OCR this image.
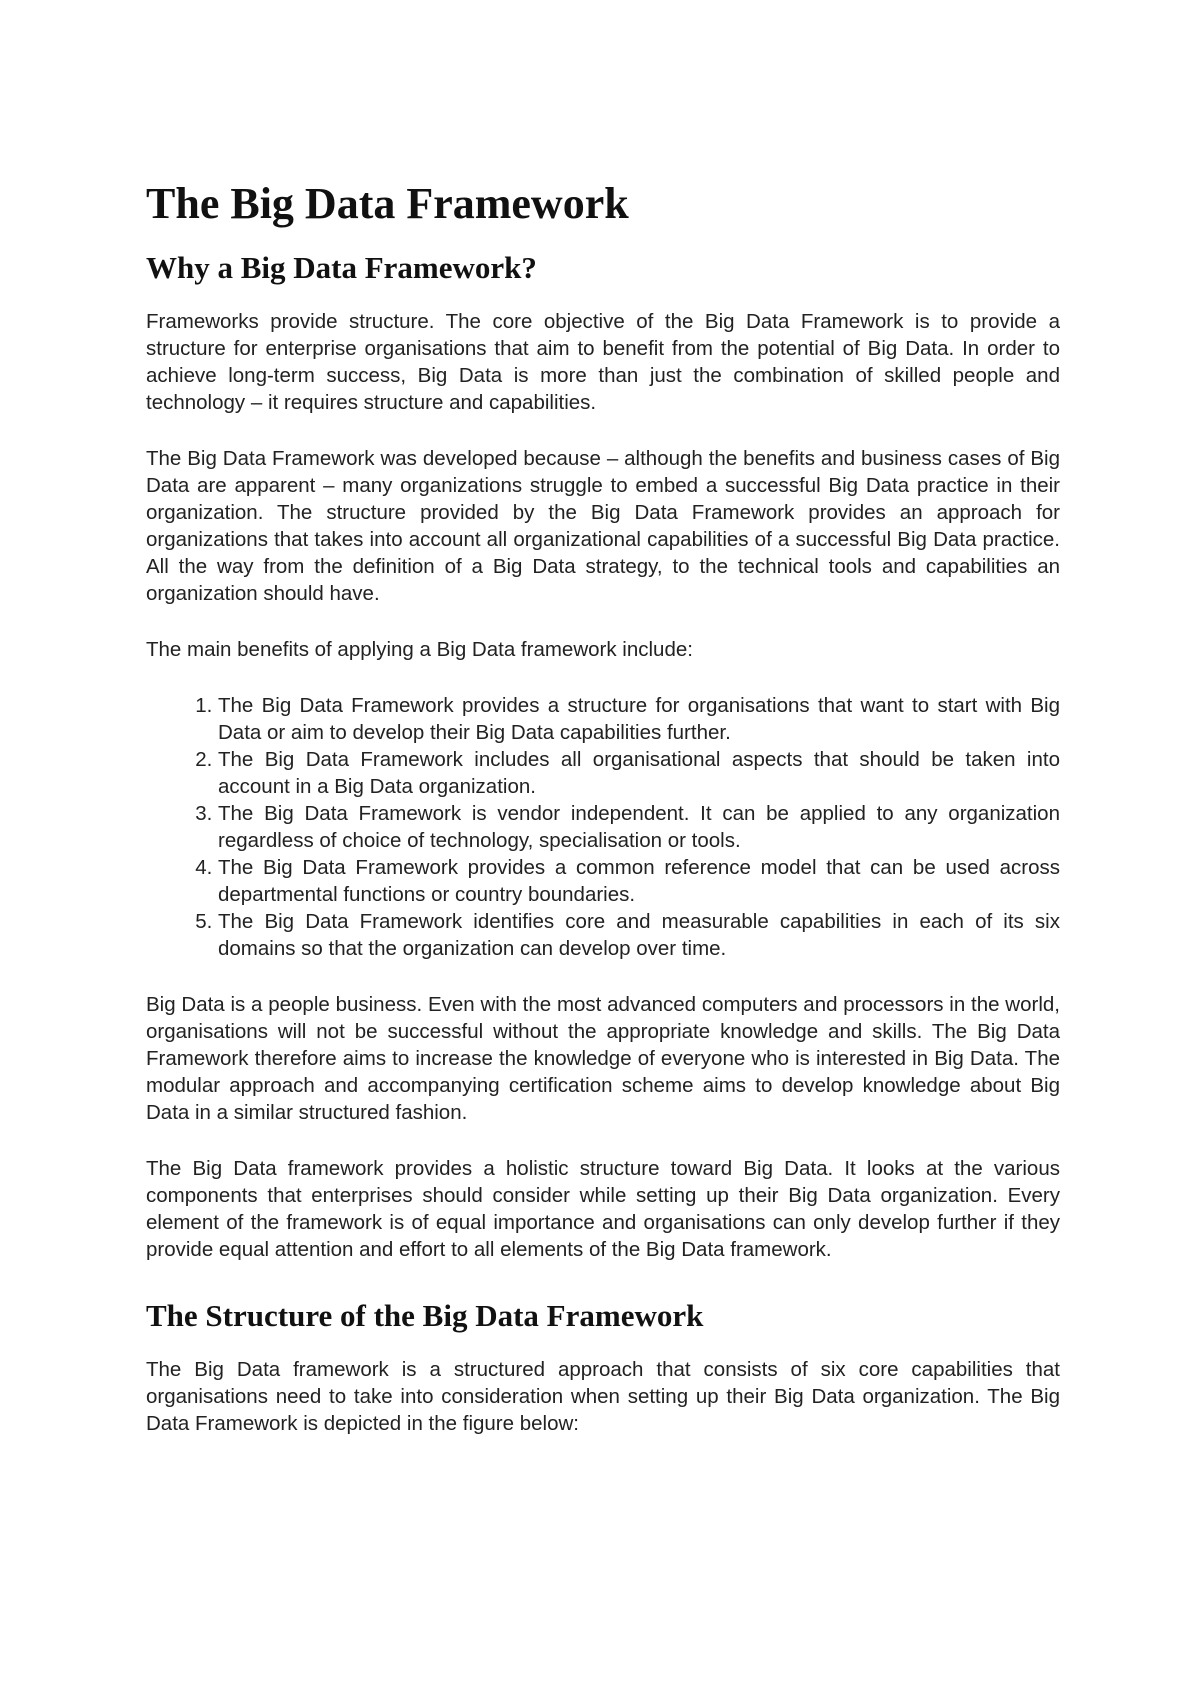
The Big Data Framework
Why a Big Data Framework?

Frameworks provide structure. The core objective of the Big Data Framework is to provide a structure for enterprise organisations that aim to benefit from the potential of Big Data. In order to achieve long-term success, Big Data is more than just the combination of skilled people and technology – it requires structure and capabilities.

The Big Data Framework was developed because – although the benefits and business cases of Big Data are apparent – many organizations struggle to embed a successful Big Data practice in their organization. The structure provided by the Big Data Framework provides an approach for organizations that takes into account all organizational capabilities of a successful Big Data practice. All the way from the definition of a Big Data strategy, to the technical tools and capabilities an organization should have.

The main benefits of applying a Big Data framework include:

1. The Big Data Framework provides a structure for organisations that want to start with Big Data or aim to develop their Big Data capabilities further.
2. The Big Data Framework includes all organisational aspects that should be taken into account in a Big Data organization.
3. The Big Data Framework is vendor independent. It can be applied to any organization regardless of choice of technology, specialisation or tools.
4. The Big Data Framework provides a common reference model that can be used across departmental functions or country boundaries.
5. The Big Data Framework identifies core and measurable capabilities in each of its six domains so that the organization can develop over time.

Big Data is a people business. Even with the most advanced computers and processors in the world, organisations will not be successful without the appropriate knowledge and skills. The Big Data Framework therefore aims to increase the knowledge of everyone who is interested in Big Data. The modular approach and accompanying certification scheme aims to develop knowledge about Big Data in a similar structured fashion.

The Big Data framework provides a holistic structure toward Big Data. It looks at the various components that enterprises should consider while setting up their Big Data organization. Every element of the framework is of equal importance and organisations can only develop further if they provide equal attention and effort to all elements of the Big Data framework.

The Structure of the Big Data Framework

The Big Data framework is a structured approach that consists of six core capabilities that organisations need to take into consideration when setting up their Big Data organization. The Big Data Framework is depicted in the figure below:
